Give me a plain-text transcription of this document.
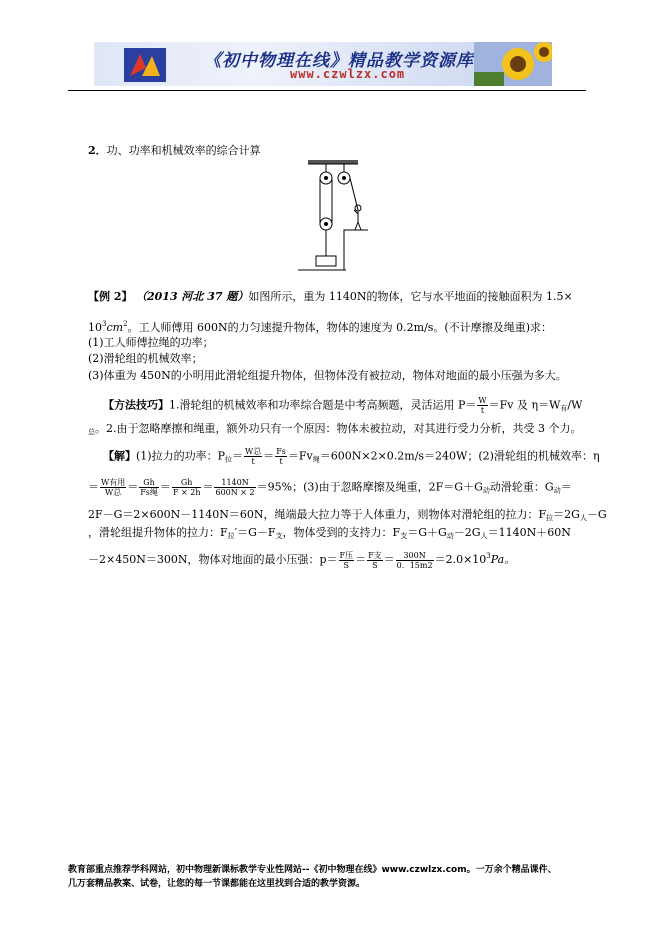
《初中物理在线》精品教学资源库
www.czwlzx.com
2．功、功率和机械效率的综合计算
【例 2】 （2013 河北 37 题）如图所示，重为 1140N的物体，它与水平地面的接触面积为 1.5×
$10^3cm^2$。工人师傅用 600N的力匀速提升物体，物体的速度为 0.2m/s。(不计摩擦及绳重)求：
(1)工人师傅拉绳的功率；
(2)滑轮组的机械效率；
(3)体重为 450N的小明用此滑轮组提升物体，但物体没有被拉动，物体对地面的最小压强为多大。
【方法技巧】1.滑轮组的机械效率和功率综合题是中考高频题，灵活运用 $P= \frac{W}{t} =Fv$ 及 $\eta=W_有/W$
$_总$。2.由于忽略摩擦和绳重，额外功只有一个原因：物体未被拉动，对其进行受力分析，共受 3 个力。
【解】(1)拉力的功率：$P_拉= \frac{\text{W总}}{t} = \frac{Fs}{t} =Fv_绳=600N\times 2\times 0.2m/s=240W$；(2)滑轮组的机械效率：η
＝ $\frac{\text{W有用}}{\text{W总}} = \frac{Gh}{\text{Fs绳}} = \frac{Gh}{F \times 2h} = \frac{1140N}{600N \times 2} =95\%$；(3)由于忽略摩擦及绳重，$2F=G+G_动$动滑轮重：$G_动=$
2F－G＝2×600N－1140N＝60N，绳端最大拉力等于人体重力，则物体对滑轮组的拉力：$F_拉=2G_人-G$
，滑轮组提升物体的拉力：$F_拉'=G-F_支$，物体受到的支持力：$F_支=G+G_动-2G_人=1140N+60N$
－2×450N＝300N，物体对地面的最小压强：$p= \frac{\text{F压}}{S} = \frac{\text{F支}}{S} = \frac{300N}{0.15m2} =2.0\times 10^3Pa$。
教育部重点推荐学科网站，初中物理新课标教学专业性网站--《初中物理在线》www.czwlzx.com。一万余个精品课件、
几万套精品教案、试卷，让您的每一节课都能在这里找到合适的教学资源。
